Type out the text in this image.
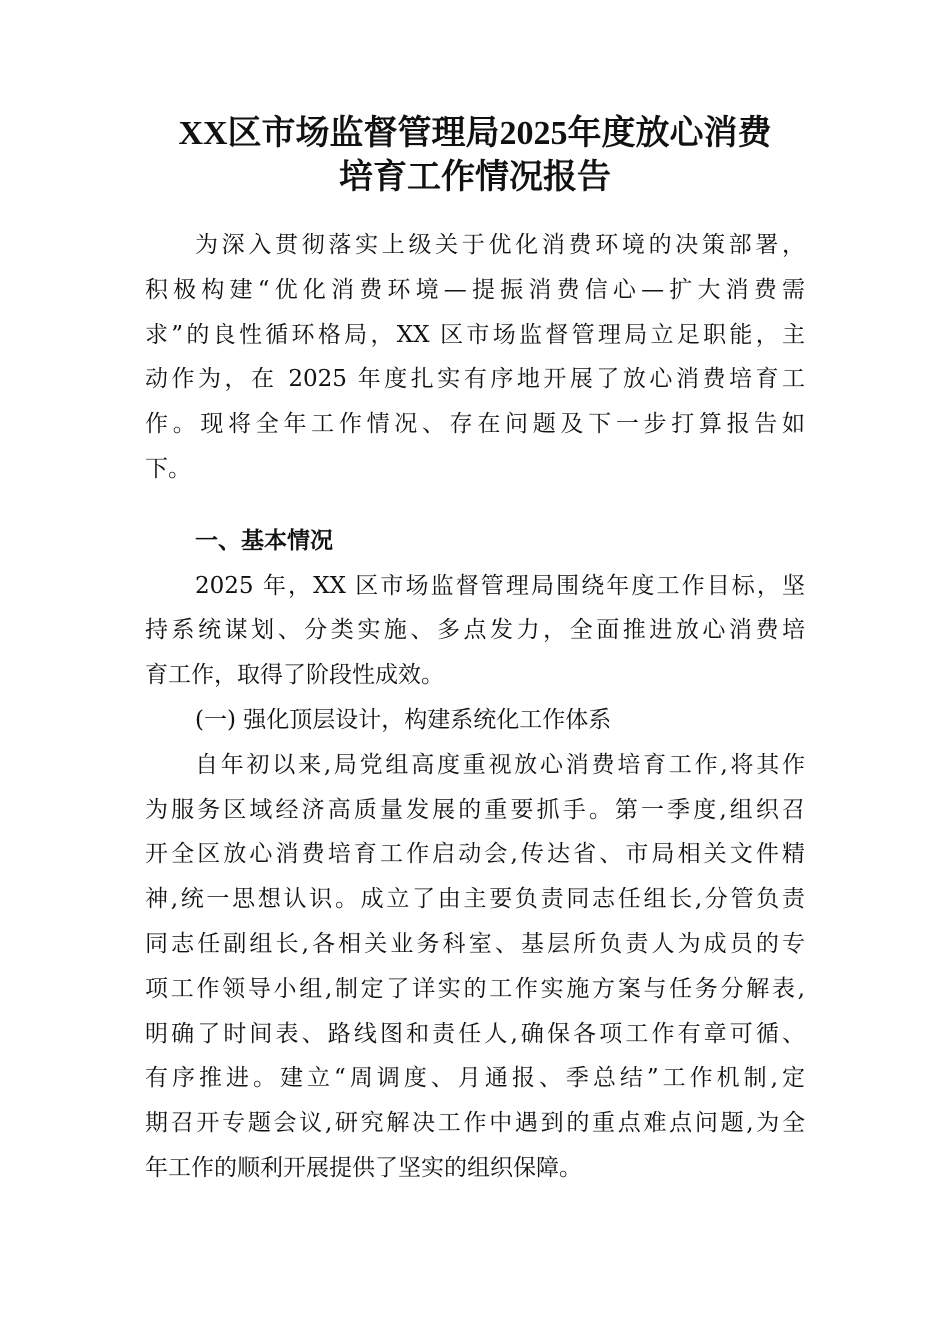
XX区市场监督管理局2025年度放心消费
培育工作情况报告
为深入贯彻落实上级关于优化消费环境的决策部署，
积极构建“优化消费环境—提振消费信心—扩大消费需
求”的良性循环格局，XX 区市场监督管理局立足职能，主
动作为，在 2025 年度扎实有序地开展了放心消费培育工
作。现将全年工作情况、存在问题及下一步打算报告如
下。
一、基本情况
2025 年，XX 区市场监督管理局围绕年度工作目标，坚
持系统谋划、分类实施、多点发力，全面推进放心消费培
育工作，取得了阶段性成效。
(一) 强化顶层设计，构建系统化工作体系
自年初以来,局党组高度重视放心消费培育工作,将其作
为服务区域经济高质量发展的重要抓手。第一季度,组织召
开全区放心消费培育工作启动会,传达省、市局相关文件精
神,统一思想认识。成立了由主要负责同志任组长,分管负责
同志任副组长,各相关业务科室、基层所负责人为成员的专
项工作领导小组,制定了详实的工作实施方案与任务分解表,
明确了时间表、路线图和责任人,确保各项工作有章可循、
有序推进。建立“周调度、月通报、季总结”工作机制,定
期召开专题会议,研究解决工作中遇到的重点难点问题,为全
年工作的顺利开展提供了坚实的组织保障。
